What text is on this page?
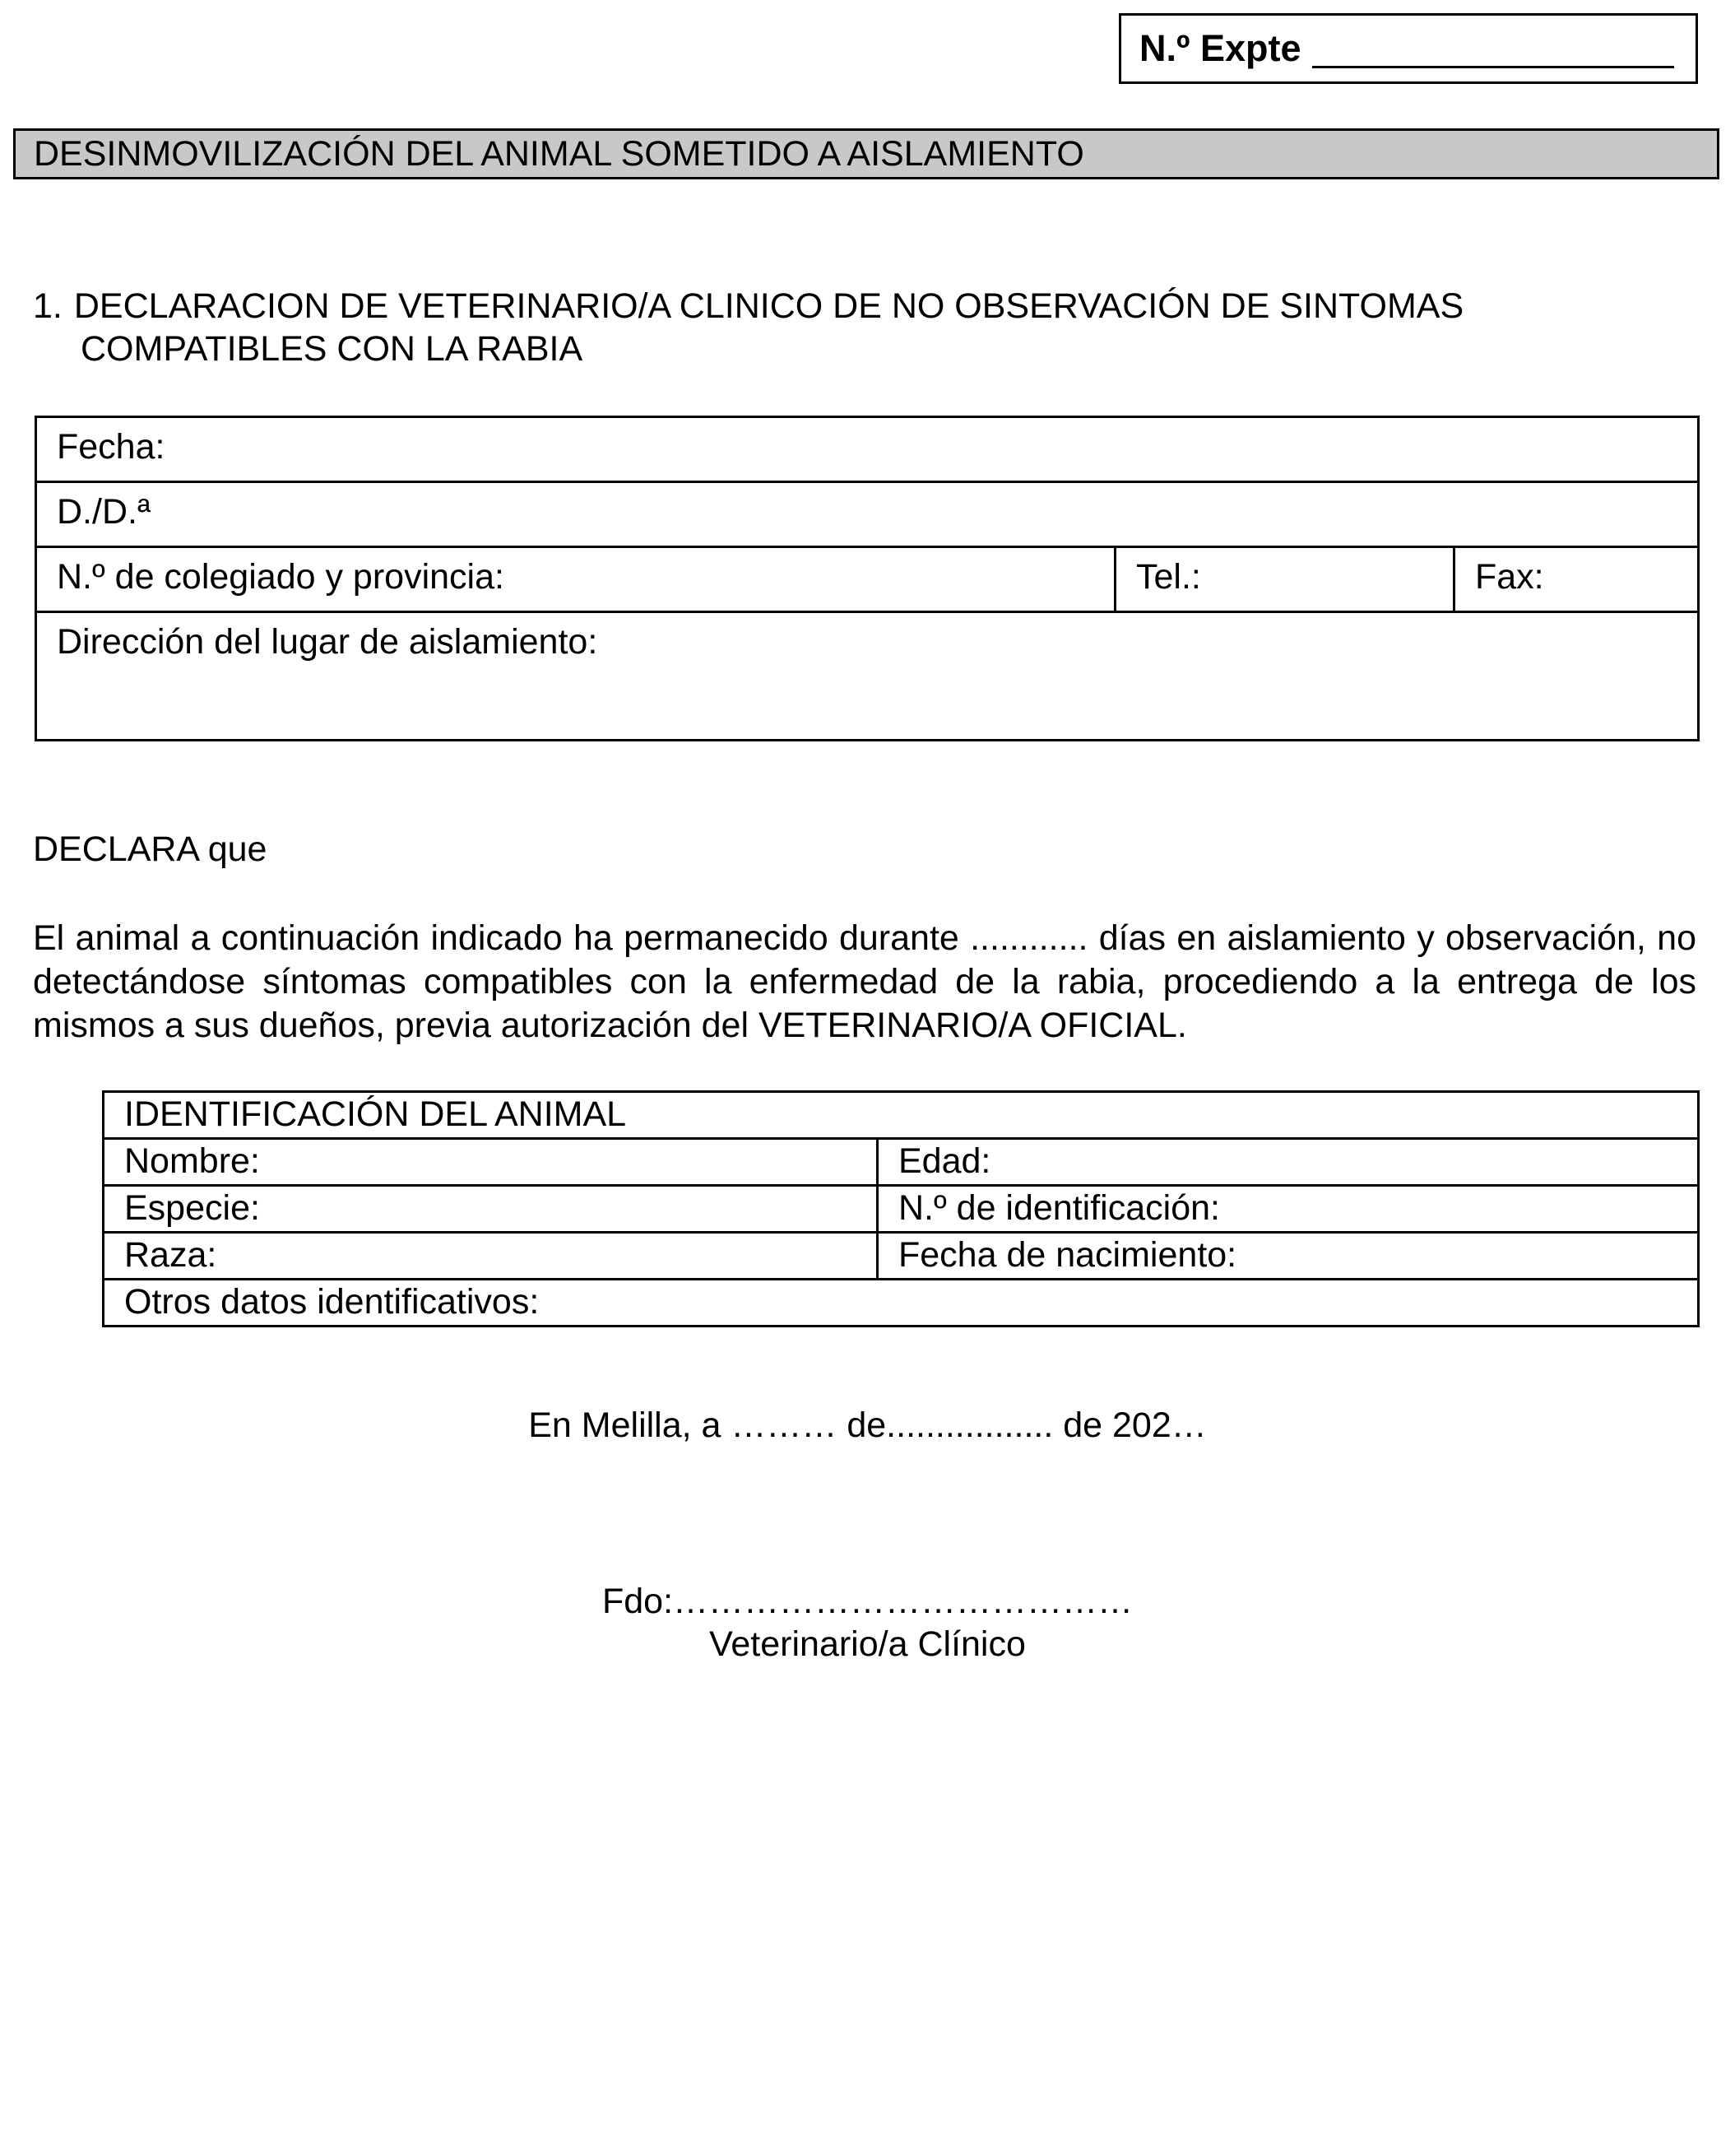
N.º Expte
DESINMOVILIZACIÓN DEL ANIMAL SOMETIDO A AISLAMIENTO
1. DECLARACION DE VETERINARIO/A CLINICO DE NO OBSERVACIÓN DE SINTOMAS
COMPATIBLES CON LA RABIA
Fecha:
D./D.ª
N.º de colegiado y provincia:	Tel.:	Fax:
Dirección del lugar de aislamiento:
DECLARA que
El animal a continuación indicado ha permanecido durante ............ días en aislamiento y observación, no detectándose síntomas compatibles con la enfermedad de la rabia, procediendo a la entrega de los mismos a sus dueños, previa autorización del VETERINARIO/A OFICIAL.
IDENTIFICACIÓN DEL ANIMAL	
Nombre:	Edad:
Especie:	N.º de identificación:
Raza:	Fecha de nacimiento:
Otros datos identificativos:	
En Melilla, a ……… de................. de 202…
Fdo:…………………………………
Veterinario/a Clínico
